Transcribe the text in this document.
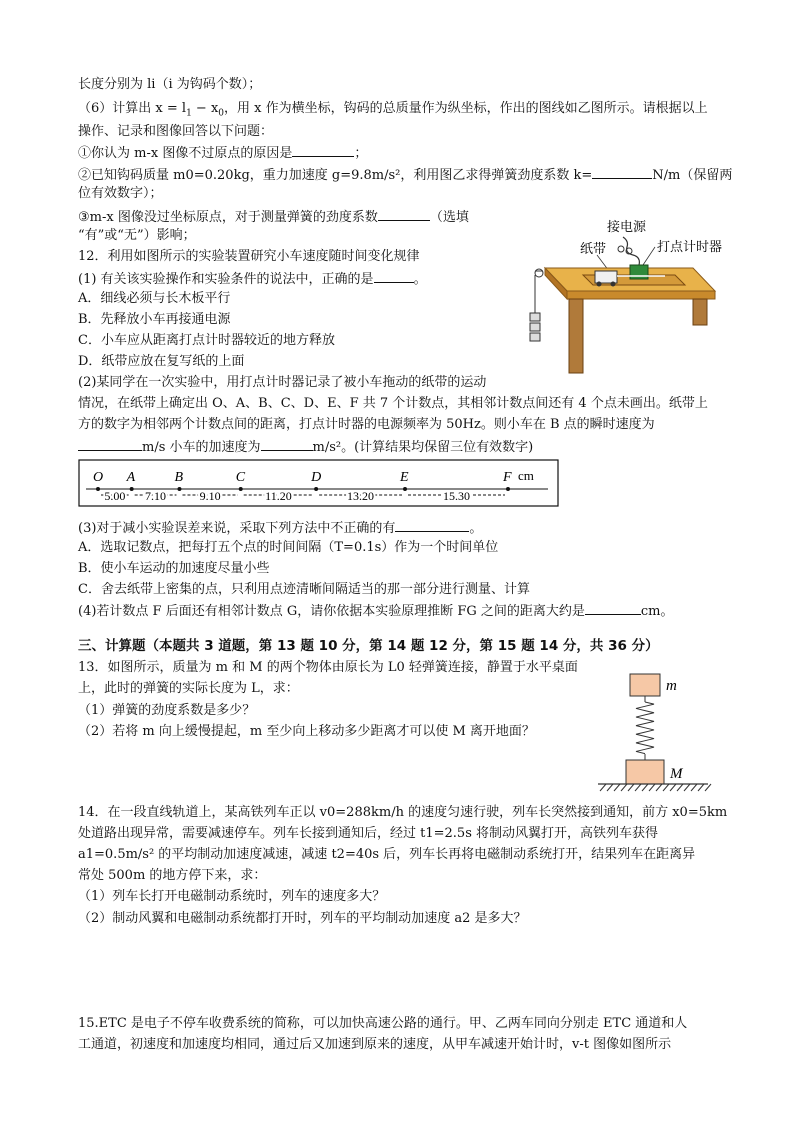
长度分别为 li（i 为钩码个数）；
（6）计算出 $x = l_1 - x_0$，用 x 作为横坐标，钩码的总质量作为纵坐标，作出的图线如乙图所示。请根据以上
操作、记录和图像回答以下问题：
①你认为 m-x 图像不过原点的原因是	；
②已知钩码质量 m0=0.20kg，重力加速度 g=9.8m/s²，利用图乙求得弹簧劲度系数 k=	N/m（保留两
位有效数字）；
③m-x 图像没过坐标原点，对于测量弹簧的劲度系数	（选填
“有”或“无”）影响；
12．利用如图所示的实验装置研究小车速度随时间变化规律
(1) 有关该实验操作和实验条件的说法中，正确的是	。
A．细线必须与长木板平行
B．先释放小车再接通电源
C．小车应从距离打点计时器较近的地方释放
D．纸带应放在复写纸的上面
(2)某同学在一次实验中，用打点计时器记录了被小车拖动的纸带的运动
情况，在纸带上确定出 O、A、B、C、D、E、F 共 7 个计数点，其相邻计数点间还有 4 个点未画出。纸带上
方的数字为相邻两个计数点间的距离，打点计时器的电源频率为 50Hz。则小车在 B 点的瞬时速度为
m/s 小车的加速度为	m/s²。(计算结果均保留三位有效数字)
接电源
纸带	打点计时器
O A	B	C	D	E	F
5.00 7.10	9.10	11.20	13.20	15.30
cm
(3)对于减小实验误差来说，采取下列方法中不正确的有	。
A．选取记数点，把每打五个点的时间间隔（T=0.1s）作为一个时间单位
B．使小车运动的加速度尽量小些
C．舍去纸带上密集的点，只利用点迹清晰间隔适当的那一部分进行测量、计算
(4)若计数点 F 后面还有相邻计数点 G，请你依据本实验原理推断 FG 之间的距离大约是	cm。
三、计算题（本题共 3 道题，第 13 题 10 分，第 14 题 12 分，第 15 题 14 分，共 36 分）
13．如图所示，质量为 m 和 M 的两个物体由原长为 L0 轻弹簧连接，静置于水平桌面
上，此时的弹簧的实际长度为 L，求：
（1）弹簧的劲度系数是多少？
（2）若将 m 向上缓慢提起，m 至少向上移动多少距离才可以使 M 离开地面？
m
M
14．在一段直线轨道上，某高铁列车正以 v0=288km/h 的速度匀速行驶，列车长突然接到通知，前方 x0=5km
处道路出现异常，需要减速停车。列车长接到通知后，经过 t1=2.5s 将制动风翼打开，高铁列车获得
a1=0.5m/s² 的平均制动加速度减速，减速 t2=40s 后，列车长再将电磁制动系统打开，结果列车在距离异
常处 500m 的地方停下来，求：
（1）列车长打开电磁制动系统时，列车的速度多大？
（2）制动风翼和电磁制动系统都打开时，列车的平均制动加速度 a2 是多大？
15.ETC 是电子不停车收费系统的简称，可以加快高速公路的通行。甲、乙两车同向分别走 ETC 通道和人
工通道，初速度和加速度均相同，通过后又加速到原来的速度，从甲车减速开始计时，v-t 图像如图所示
